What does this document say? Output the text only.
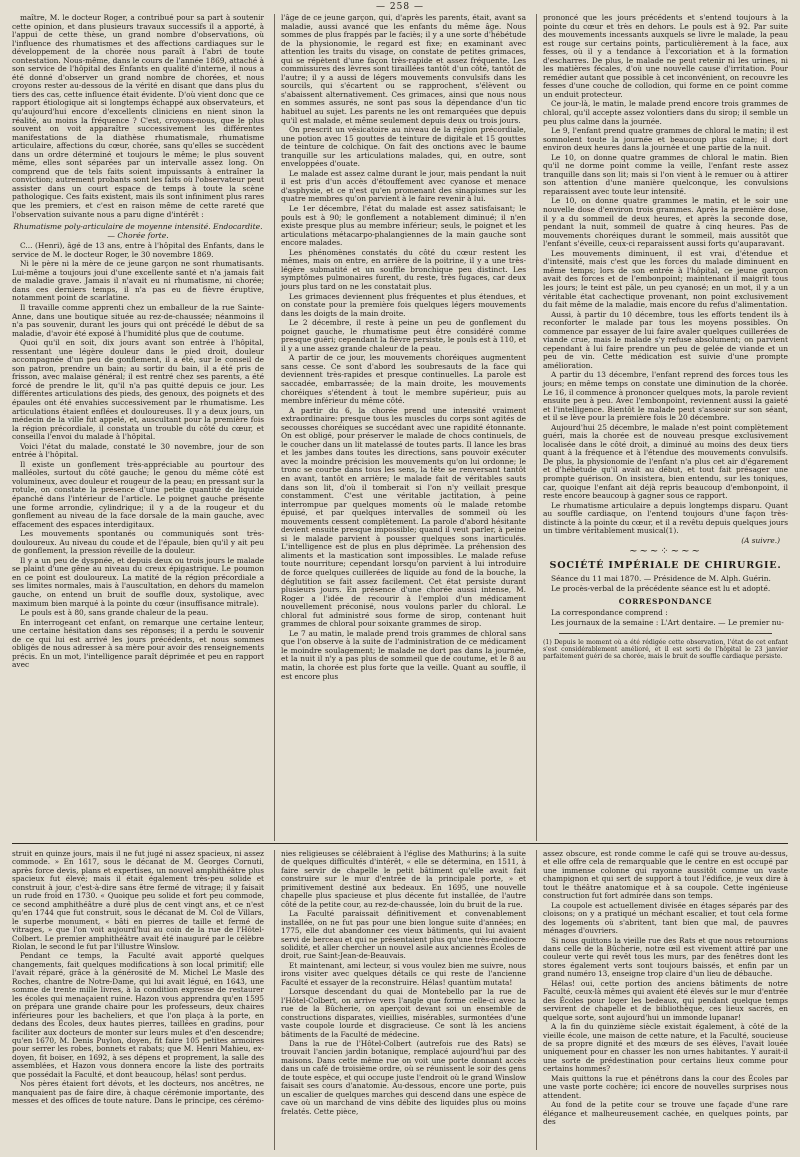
— 258 —

maître, M. le docteur Roger, a contribué pour sa part à soutenir cette opinion, et dans plusieurs travaux successifs il a apporté, à l'appui de cette thèse, un grand nombre d'observations, où l'influence des rhumatismes et des affections cardiaques sur le développement de la chorée nous paraît à l'abri de toute contestation. Nous-même, dans le cours de l'année 1869, attaché à son service de l'hôpital des Enfants en qualité d'interne, il nous a été donné d'observer un grand nombre de chorées, et nous croyons rester au-dessous de la vérité en disant que dans plus du tiers des cas, cette influence était évidente. D'où vient donc que ce rapport étiologique ait si longtemps échappé aux observateurs, et qu'aujourd'hui encore d'excellents cliniciens en nient sinon la réalité, au moins la fréquence ? C'est, croyons-nous, que le plus souvent on voit apparaître successivement les différentes manifestations de la diathèse rhumatismale, rhumatisme articulaire, affections du cœur, chorée, sans qu'elles se succèdent dans un ordre déterminé et toujours le même; le plus souvent même, elles sont séparées par un intervalle assez long. On comprend que de tels faits soient impuissants à entraîner la conviction; autrement probants sont les faits où l'observateur peut assister dans un court espace de temps à toute la scène pathologique. Ces faits existent, mais ils sont infiniment plus rares que les premiers, et c'est en raison même de cette rareté que l'observation suivante nous a paru digne d'intérêt :

Rhumatisme poly-articulaire de moyenne intensité. Endocardite. — Chorée forte.

C... (Henri), âgé de 13 ans, entre à l'hôpital des Enfants, dans le service de M. le docteur Roger, le 30 novembre 1869.

Ni le père ni la mère de ce jeune garçon ne sont rhumatisants. Lui-même a toujours joui d'une excellente santé et n'a jamais fait de maladie grave. Jamais il n'avait eu ni rhumatisme, ni chorée; dans ces derniers temps, il n'a pas eu de fièvre éruptive, notamment point de scarlatine.

Il travaille comme apprenti chez un emballeur de la rue Sainte-Anne, dans une boutique située au rez-de-chaussée; néanmoins il n'a pas souvenir, durant les jours qui ont précédé le début de sa maladie, d'avoir été exposé à l'humidité plus que de coutume.

Quoi qu'il en soit, dix jours avant son entrée à l'hôpital, ressentant une légère douleur dans le pied droit, douleur accompagnée d'un peu de gonflement, il a été, sur le conseil de son patron, prendre un bain; au sortir du bain, il a été pris de frisson, avec malaise général; il est rentré chez ses parents, a été forcé de prendre le lit, qu'il n'a pas quitté depuis ce jour. Les différentes articulations des pieds, des genoux, des poignets et des épaules ont été envahies successivement par le rhumatisme. Les articulations étaient enflées et douloureuses. Il y a deux jours, un médecin de la ville fut appelé, et, auscultant pour la première fois la région précordiale, il constata un trouble du côté du cœur, et conseilla l'envoi du malade à l'hôpital.

Voici l'état du malade, constaté le 30 novembre, jour de son entrée à l'hôpital.

Il existe un gonflement très-appréciable au pourtour des malléoles, surtout du côté gauche; le genou du même côté est volumineux, avec douleur et rougeur de la peau; en pressant sur la rotule, on constate la présence d'une petite quantité de liquide épanché dans l'intérieur de l'article. Le poignet gauche présente une forme arrondie, cylindrique; il y a de la rougeur et du gonflement au niveau de la face dorsale de la main gauche, avec effacement des espaces interdigitaux.

Les mouvements spontanés ou communiqués sont très-douloureux. Au niveau du coude et de l'épaule, bien qu'il y ait peu de gonflement, la pression réveille de la douleur.

Il y a un peu de dyspnée, et depuis deux ou trois jours le malade se plaint d'une gêne au niveau du creux épigastrique. Le poumon en ce point est douloureux. La matité de la région précordiale a ses limites normales, mais à l'auscultation, en dehors du mamelon gauche, on entend un bruit de souffle doux, systolique, avec maximum bien marqué à la pointe du cœur (insuffisance mitrale).

Le pouls est à 80, sans grande chaleur de la peau.

En interrogeant cet enfant, on remarque une certaine lenteur, une certaine hésitation dans ses réponses; il a perdu le souvenir de ce qui lui est arrivé les jours précédents, et nous sommes obligés de nous adresser à sa mère pour avoir des renseignements précis. En un mot, l'intelligence paraît déprimée et peu en rapport avec

l'âge de ce jeune garçon, qui, d'après les parents, était, avant sa maladie, aussi avancé que les enfants du même âge. Nous sommes de plus frappés par le faciès; il y a une sorte d'hébétude de la physionomie, le regard est fixe; en examinant avec attention les traits du visage, on constate de petites grimaces, qui se répètent d'une façon très-rapide et assez fréquente. Les commissures des lèvres sont tiraillées tantôt d'un côté, tantôt de l'autre; il y a aussi de légers mouvements convulsifs dans les sourcils, qui s'écartent ou se rapprochent, s'élèvent ou s'abaissent alternativement. Ces grimaces, ainsi que nous nous en sommes assurés, ne sont pas sous la dépendance d'un tic habituel au sujet. Les parents ne les ont remarquées que depuis qu'il est malade, et même seulement depuis deux ou trois jours.

On prescrit un vésicatoire au niveau de la région précordiale, une potion avec 15 gouttes de teinture de digitale et 15 gouttes de teinture de colchique. On fait des onctions avec le baume tranquille sur les articulations malades, qui, en outre, sont enveloppées d'ouate.

Le malade est assez calme durant le jour, mais pendant la nuit il est pris d'un accès d'étouffement avec cyanose et menace d'asphyxie, et ce n'est qu'en promenant des sinapismes sur les quatre membres qu'on parvient à le faire revenir à lui.

Le 1er décembre, l'état du malade est assez satisfaisant; le pouls est à 90; le gonflement a notablement diminué; il n'en existe presque plus au membre inférieur; seuls, le poignet et les articulations métacarpo-phalangiennes de la main gauche sont encore malades.

Les phénomènes constatés du côté du cœur restent les mêmes, mais on entre, en arrière de la poitrine, il y a une très-légère submatité et un souffle bronchique peu distinct. Les symptômes pulmonaires furent, du reste, très fugaces, car deux jours plus tard on ne les constatait plus.

Les grimaces deviennent plus fréquentes et plus étendues, et on constate pour la première fois quelques légers mouvements dans les doigts de la main droite.

Le 2 décembre, il reste à peine un peu de gonflement du poignet gauche, le rhumatisme peut être considéré comme presque guéri; cependant la fièvre persiste, le pouls est à 110, et il y a une assez grande chaleur de la peau.

A partir de ce jour, les mouvements choréiques augmentent sans cesse. Ce sont d'abord les soubresauts de la face qui deviennent très-rapides et presque continuelles. La parole est saccadée, embarrassée; de la main droite, les mouvements choréiques s'étendent à tout le membre supérieur, puis au membre inférieur du même côté.

A partir du 6, la chorée prend une intensité vraiment extraordinaire: presque tous les muscles du corps sont agités de secousses choréiques se succédant avec une rapidité étonnante. On est obligé, pour préserver le malade de chocs continuels, de le coucher dans un lit matelassé de toutes parts. Il lance les bras et les jambes dans toutes les directions, sans pouvoir exécuter avec la moindre précision les mouvements qu'on lui ordonne; le tronc se courbe dans tous les sens, la tête se renversant tantôt en avant, tantôt en arrière; le malade fait de véritables sauts dans son lit, d'où il tomberait si l'on n'y veillait presque constamment. C'est une véritable jactitation, à peine interrompue par quelques moments où le malade retombe épuisé, et par quelques intervalles de sommeil où les mouvements cessent complètement. La parole d'abord hésitante devient ensuite presque impossible; quand il veut parler, à peine si le malade parvient à pousser quelques sons inarticulés. L'intelligence est de plus en plus déprimée. La préhension des aliments et la mastication sont impossibles. Le malade refuse toute nourriture; cependant lorsqu'on parvient à lui introduire de force quelques cuillerées de liquide au fond de la bouche, la déglutition se fait assez facilement. Cet état persiste durant plusieurs jours. En présence d'une chorée aussi intense, M. Roger a l'idée de recourir à l'emploi d'un médicament nouvellement préconisé, nous voulons parler du chloral. Le chloral fut administré sous forme de sirop, contenant huit grammes de chloral pour soixante grammes de sirop.

Le 7 au matin, le malade prend trois grammes de chloral sans que l'on observe à la suite de l'administration de ce médicament le moindre soulagement; le malade ne dort pas dans la journée, et la nuit il n'y a pas plus de sommeil que de coutume, et le 8 au matin, la chorée est plus forte que la veille. Quant au souffle, il est encore plus

prononcé que les jours précédents et s'entend toujours à la pointe du cœur et très en dehors. Le pouls est à 92. Par suite des mouvements incessants auxquels se livre le malade, la peau est rouge sur certains points, particulièrement à la face, aux fesses, où il y a tendance à l'excoriation et à la formation d'escharres. De plus, le malade ne peut retenir ni les urines, ni les matières fécales, d'où une nouvelle cause d'irritation. Pour remédier autant que possible à cet inconvénient, on recouvre les fesses d'une couche de collodion, qui forme en ce point comme un enduit protecteur.

Ce jour-là, le matin, le malade prend encore trois grammes de chloral, qu'il accepte assez volontiers dans du sirop; il semble un peu plus calme dans la journée.

Le 9, l'enfant prend quatre grammes de chloral le matin; il est somnolent toute la journée et beaucoup plus calme; il dort environ deux heures dans la journée et une partie de la nuit.

Le 10, on donne quatre grammes de chloral le matin. Bien qu'il ne dorme point comme la veille, l'enfant reste assez tranquille dans son lit; mais si l'on vient à le remuer ou à attirer son attention d'une manière quelconque, les convulsions reparaissent avec toute leur intensité.

Le 10, on donne quatre grammes le matin, et le soir une nouvelle dose d'environ trois grammes. Après la première dose, il y a du sommeil de deux heures, et après la seconde dose, pendant la nuit, sommeil de quatre à cinq heures. Pas de mouvements choréiques durant le sommeil, mais aussitôt que l'enfant s'éveille, ceux-ci reparaissent aussi forts qu'auparavant.

Les mouvements diminuent, il est vrai, d'étendue et d'intensité, mais c'est que les forces du malade diminuent en même temps; lors de son entrée à l'hôpital, ce jeune garçon avait des forces et de l'embonpoint; maintenant il maigrit tous les jours; le teint est pâle, un peu cyanosé; en un mot, il y a un véritable état cachectique provenant, non point exclusivement du fait même de la maladie, mais encore du refus d'alimentation.

Aussi, à partir du 10 décembre, tous les efforts tendent ils à reconforter le malade par tous les moyens possibles. On commence par essayer de lui faire avaler quelques cuillerées de viande crue, mais le malade s'y refuse absolument; on parvient cependant à lui faire prendre un peu de gelée de viande et un peu de vin. Cette médication est suivie d'une prompte amélioration.

A partir du 13 décembre, l'enfant reprend des forces tous les jours; en même temps on constate une diminution de la chorée. Le 16, il commence à prononcer quelques mots, la parole revient ensuite peu à peu. Avec l'embonpoint, reviennent aussi la gaieté et l'intelligence. Bientôt le malade peut s'asseoir sur son séant, et il se lève pour la première fois le 20 décembre.

Aujourd'hui 25 décembre, le malade n'est point complètement guéri, mais la chorée est de nouveau presque exclusivement localisée dans le côté droit, a diminué au moins des deux tiers quant à la fréquence et à l'étendue des mouvements convulsifs. De plus, la physionomie de l'enfant n'a plus cet air d'égarement et d'hébétude qu'il avait au début, et tout fait présager une prompte guérison. On insistera, bien entendu, sur les toniques, car, quoique l'enfant ait déjà repris beaucoup d'embonpoint, il reste encore beaucoup à gagner sous ce rapport.

Le rhumatisme articulaire a depuis longtemps disparu. Quant au souffle cardiaque, on l'entend toujours d'une façon très-distincte à la pointe du cœur, et il a revêtu depuis quelques jours un timbre véritablement musical(1).

(A suivre.)

~~~⁘~~~
SOCIÉTÉ IMPÉRIALE DE CHIRURGIE.

Séance du 11 mai 1870. — Présidence de M. Alph. Guérin.

Le procès-verbal de la précédente séance est lu et adopté.

CORRESPONDANCE

La correspondance comprend :

Les journaux de la semaine : L'Art dentaire. — Le premier nu-

(1) Depuis le moment où a été rédigée cette observation, l'état de cet enfant s'est considérablement amélioré, et il est sorti de l'hôpital le 23 janvier parfaitement guéri de sa chorée, mais le bruit de souffle cardiaque persiste.

struit en quinze jours, mais il ne fut jugé ni assez spacieux, ni assez commode. » En 1617, sous le décanat de M. Georges Cornuti, après force devis, plans et expertises, un nouvel amphithéâtre plus spacieux fut élevé; mais il était également très-peu solide et construit à jour, c'est-à-dire sans être fermé de vitrage; il y faisait un rude froid en 1730. « Quoique peu solide et fort peu commode, ce second amphithéâtre a duré plus de cent vingt ans, et ce n'est qu'en 1744 que fut construit, sous le décanat de M. Col de Villars, le superbe monument, « bâti en pierres de taille et fermé de vitrages, » que l'on voit aujourd'hui au coin de la rue de l'Hôtel-Colbert. Le premier amphithéâtre avait été inauguré par le célèbre Riolan, le second le fut par l'illustre Winslow.

Pendant ce temps, la Faculté avait apporté quelques changements, fait quelques modifications à son local primitif; elle l'avait réparé, grâce à la générosité de M. Michel Le Masle des Roches, chantre de Notre-Dame, qui lui avait légué, en 1643, une somme de trente mille livres, à la condition expresse de restaurer les écoles qui menaçaient ruine. Hazon vous apprendra qu'en 1595 on prépara une grande chaire pour les professeurs, deux chaires inférieures pour les bacheliers, et que l'on plaça à la porte, en dedans des Écoles, deux hautes pierres, taillées en gradins, pour faciliter aux docteurs de monter sur leurs mules et d'en descendre; qu'en 1670, M. Denis Puylon, doyen, fit faire 105 petites armoires pour serrer les robes, bonnets et rabats; que M. Henri Mahieu, ex-doyen, fit boiser, en 1692, à ses dépens et proprement, la salle des assemblées, et Hazon vous donnera encore la liste des portraits que possédait la Faculté, et dont beaucoup, hélas! sont perdus.

Nos pères étaient fort dévots, et les docteurs, nos ancêtres, ne manquaient pas de faire dire, à chaque cérémonie importante, des messes et des offices de toute nature. Dans le principe, ces cérémo-

nies religieuses se célébraient à l'église des Mathurins; à la suite de quelques difficultés d'intérêt, « elle se détermina, en 1511, à faire servir de chapelle le petit bâtiment qu'elle avait fait construire sur le mur d'entrée de la principale porte, » et primitivement destiné aux bedeaux. En 1695, une nouvelle chapelle plus spacieuse et plus décente fut installée, de l'autre côté de la petite cour, au rez-de-chaussée, loin du bruit de la rue.

La Faculté paraissait définitivement et convenablement installée, on ne fut pas pour une bien longue suite d'années; en 1775, elle dut abandonner ces vieux bâtiments, qui lui avaient servi de berceau et qui ne présentaient plus qu'une très-médiocre solidité, et aller chercher un nouvel asile aux anciennes Écoles de droit, rue Saint-Jean-de-Beauvais.

Et maintenant, ami lecteur, si vous voulez bien me suivre, nous irons visiter avec quelques détails ce qui reste de l'ancienne Faculté et essayer de la reconstruire. Hélas! quantùm mutata!

Lorsque descendant du quai de Montebello par la rue de l'Hôtel-Colbert, on arrive vers l'angle que forme celle-ci avec la rue de la Bûcherie, on aperçoit devant soi un ensemble de constructions disparates, vieillies, misérables, surmontées d'une vaste coupole lourde et disgracieuse. Ce sont là les anciens bâtiments de la Faculté de médecine.

Dans la rue de l'Hôtel-Colbert (autrefois rue des Rats) se trouvait l'ancien jardin botanique, remplacé aujourd'hui par des maisons. Dans cette même rue on voit une porte donnant accès dans un café de troisième ordre, où se réunissent le soir des gens de toute espèce, et qui occupe juste l'endroit où le grand Winslow faisait ses cours d'anatomie. Au-dessous, encore une porte, puis un escalier de quelques marches qui descend dans une espèce de cave où un marchand de vins débite des liquides plus ou moins frelatés. Cette pièce,

assez obscure, est ronde comme le café qui se trouve au-dessus, et elle offre cela de remarquable que le centre en est occupé par une immense colonne qui rayonne aussitôt comme un vaste champignon et qui sert de support à tout l'édifice, je veux dire à tout le théâtre anatomique et à sa coupole. Cette ingénieuse construction fut fort admirée dans son temps.

La coupole est actuellement divisée en étages séparés par des cloisons; on y a pratiqué un méchant escalier, et tout cela forme des logements où s'abritent, tant bien que mal, de pauvres ménages d'ouvriers.

Si nous quittons la vieille rue des Rats et que nous retournions dans celle de la Bûcherie, notre œil est vivement attiré par une couleur verte qui revêt tous les murs, par des fenêtres dont les stores également verts sont toujours baissés, et enfin par un grand numéro 13, enseigne trop claire d'un lieu de débauche.

Hélas! oui, cette portion des anciens bâtiments de notre Faculté, ceux-là mêmes qui avaient été élevés sur le mur d'entrée des Écoles pour loger les bedeaux, qui pendant quelque temps servirent de chapelle et de bibliothèque, ces lieux sacrés, en quelque sorte, sont aujourd'hui un immonde lupanar!

A la fin du quinzième siècle existait également, à côté de la vieille école, une maison de cette nature, et la Faculté, soucieuse de sa propre dignité et des mœurs de ses élèves, l'avait louée uniquement pour en chasser les non urnes habitantes. Y aurait-il une sorte de prédestination pour certains lieux comme pour certains hommes?

Mais quittons la rue et pénétrons dans la cour des Écoles par une vaste porte cochère; ici encore de nouvelles surprises nous attendent.

Au fond de la petite cour se trouve une façade d'une rare élégance et malheureusement cachée, en quelques points, par des
